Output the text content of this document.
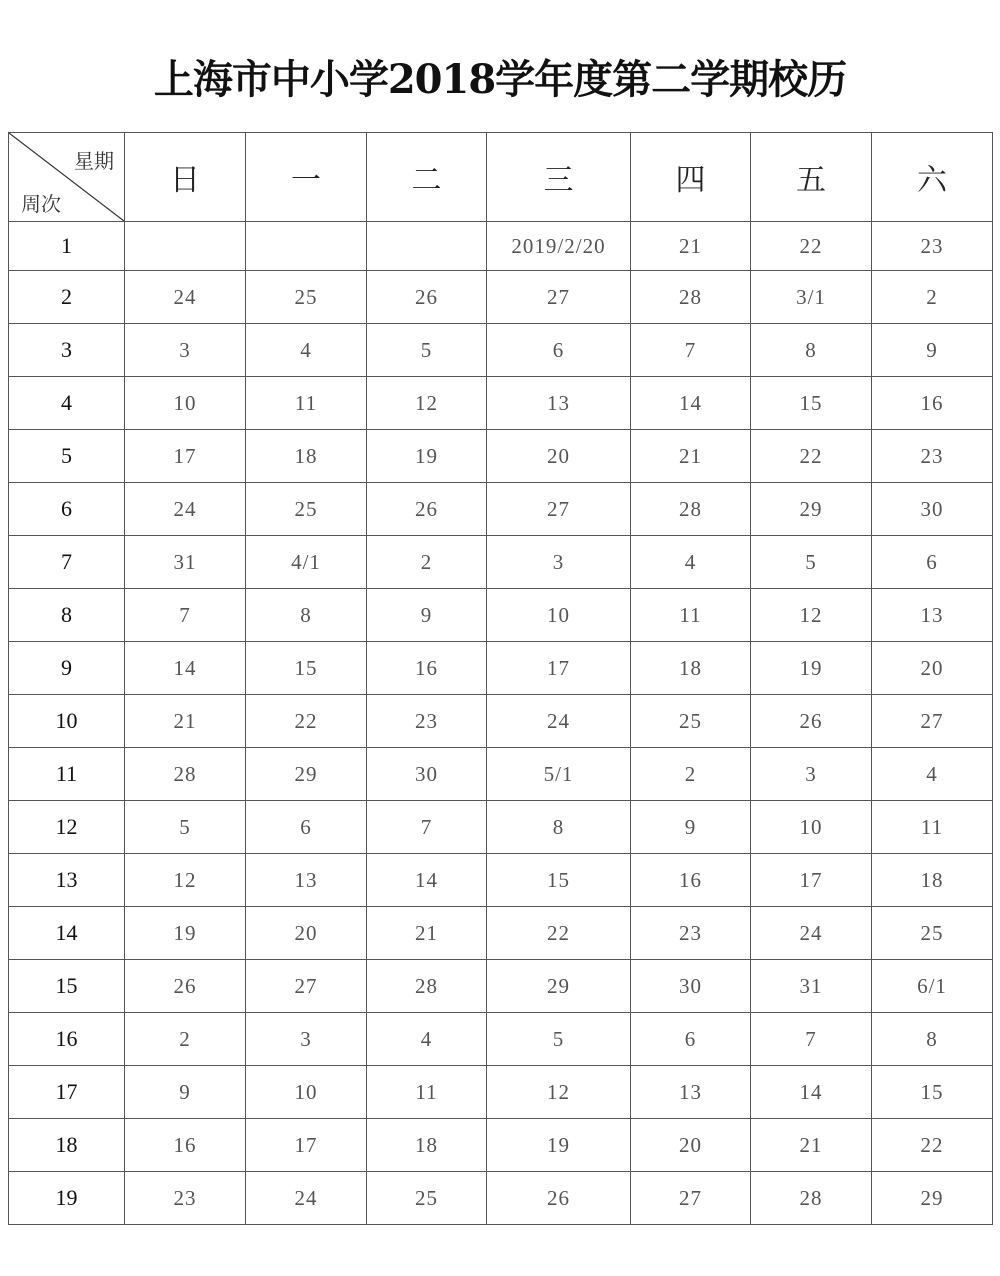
上海市中小学2018学年度第二学期校历
星期
周次	日	一	二	三	四	五	六
1				2019/2/20	21	22	23
2	24	25	26	27	28	3/1	2
3	3	4	5	6	7	8	9
4	10	11	12	13	14	15	16
5	17	18	19	20	21	22	23
6	24	25	26	27	28	29	30
7	31	4/1	2	3	4	5	6
8	7	8	9	10	11	12	13
9	14	15	16	17	18	19	20
10	21	22	23	24	25	26	27
11	28	29	30	5/1	2	3	4
12	5	6	7	8	9	10	11
13	12	13	14	15	16	17	18
14	19	20	21	22	23	24	25
15	26	27	28	29	30	31	6/1
16	2	3	4	5	6	7	8
17	9	10	11	12	13	14	15
18	16	17	18	19	20	21	22
19	23	24	25	26	27	28	29
